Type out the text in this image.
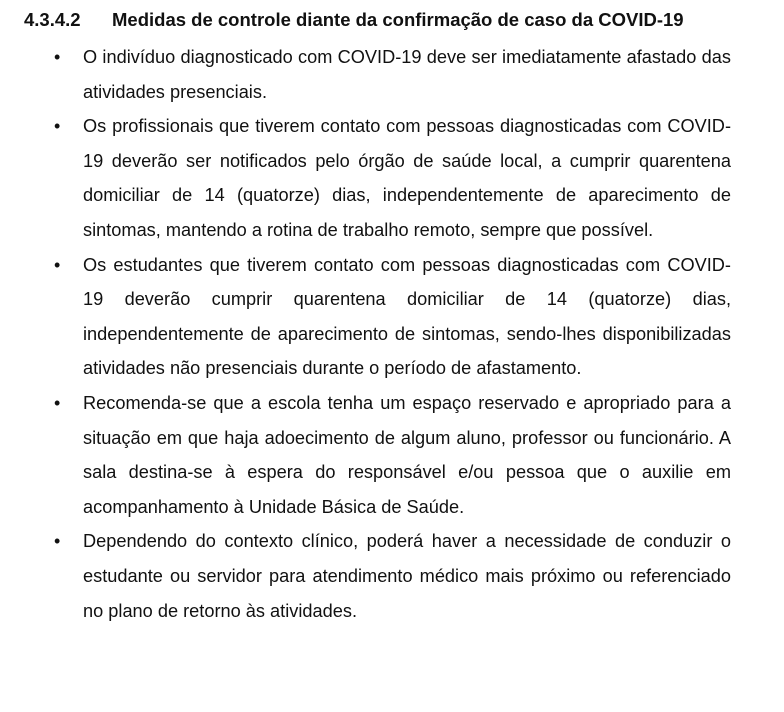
4.3.4.2 Medidas de controle diante da confirmação de caso da COVID-19
• O indivíduo diagnosticado com COVID-19 deve ser imediatamente afastado das atividades presenciais.
• Os profissionais que tiverem contato com pessoas diagnosticadas com COVID-19 deverão ser notificados pelo órgão de saúde local, a cumprir quarentena domiciliar de 14 (quatorze) dias, independentemente de aparecimento de sintomas, mantendo a rotina de trabalho remoto, sempre que possível.
• Os estudantes que tiverem contato com pessoas diagnosticadas com COVID-19 deverão cumprir quarentena domiciliar de 14 (quatorze) dias, independentemente de aparecimento de sintomas, sendo-lhes disponibilizadas atividades não presenciais durante o período de afastamento.
• Recomenda-se que a escola tenha um espaço reservado e apropriado para a situação em que haja adoecimento de algum aluno, professor ou funcionário. A sala destina-se à espera do responsável e/ou pessoa que o auxilie em acompanhamento à Unidade Básica de Saúde.
• Dependendo do contexto clínico, poderá haver a necessidade de conduzir o estudante ou servidor para atendimento médico mais próximo ou referenciado no plano de retorno às atividades.
